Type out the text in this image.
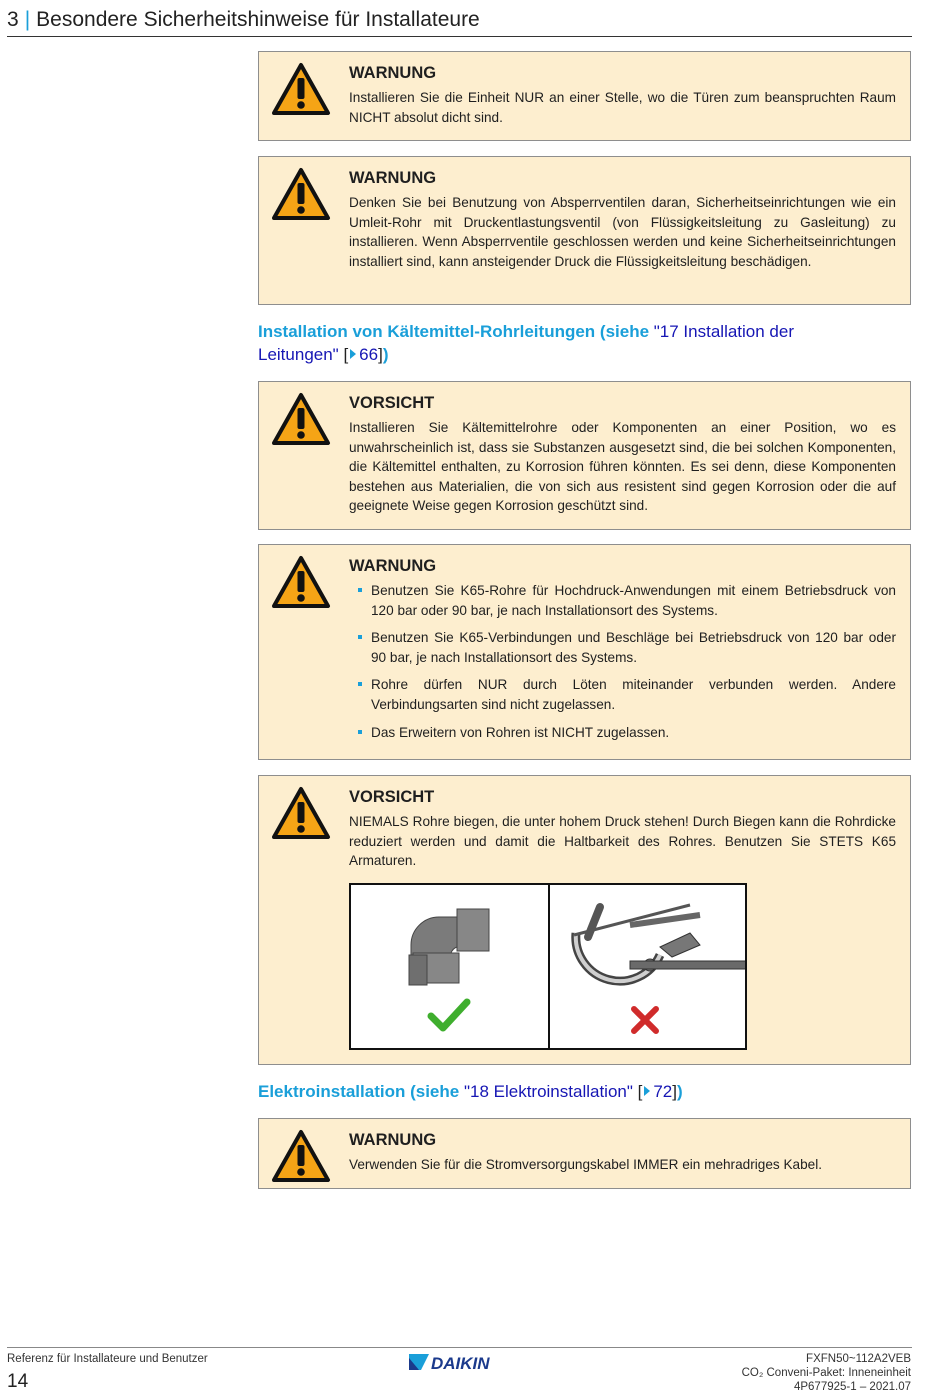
3 | Besondere Sicherheitshinweise für Installateure
WARNUNG
Installieren Sie die Einheit NUR an einer Stelle, wo die Türen zum beanspruchten Raum NICHT absolut dicht sind.
WARNUNG
Denken Sie bei Benutzung von Absperrventilen daran, Sicherheitseinrichtungen wie ein Umleit-Rohr mit Druckentlastungsventil (von Flüssigkeitsleitung zu Gasleitung) zu installieren. Wenn Absperrventile geschlossen werden und keine Sicherheitseinrichtungen installiert sind, kann ansteigender Druck die Flüssigkeitsleitung beschädigen.
Installation von Kältemittel-Rohrleitungen (siehe "17 Installation der Leitungen" [ 66])
VORSICHT
Installieren Sie Kältemittelrohre oder Komponenten an einer Position, wo es unwahrscheinlich ist, dass sie Substanzen ausgesetzt sind, die bei solchen Komponenten, die Kältemittel enthalten, zu Korrosion führen könnten. Es sei denn, diese Komponenten bestehen aus Materialien, die von sich aus resistent sind gegen Korrosion oder die auf geeignete Weise gegen Korrosion geschützt sind.
WARNUNG
Benutzen Sie K65-Rohre für Hochdruck-Anwendungen mit einem Betriebsdruck von 120 bar oder 90 bar, je nach Installationsort des Systems.
Benutzen Sie K65-Verbindungen und Beschläge bei Betriebsdruck von 120 bar oder 90 bar, je nach Installationsort des Systems.
Rohre dürfen NUR durch Löten miteinander verbunden werden. Andere Verbindungsarten sind nicht zugelassen.
Das Erweitern von Rohren ist NICHT zugelassen.
VORSICHT
NIEMALS Rohre biegen, die unter hohem Druck stehen! Durch Biegen kann die Rohrdicke reduziert werden und damit die Haltbarkeit des Rohres. Benutzen Sie STETS K65 Armaturen.
Elektroinstallation (siehe "18 Elektroinstallation" [ 72])
WARNUNG
Verwenden Sie für die Stromversorgungskabel IMMER ein mehradriges Kabel.
Referenz für Installateure und Benutzer
14
DAIKIN	FXFN50~112A2VEB
CO₂ Conveni-Paket: Inneneinheit
4P677925-1 – 2021.07
